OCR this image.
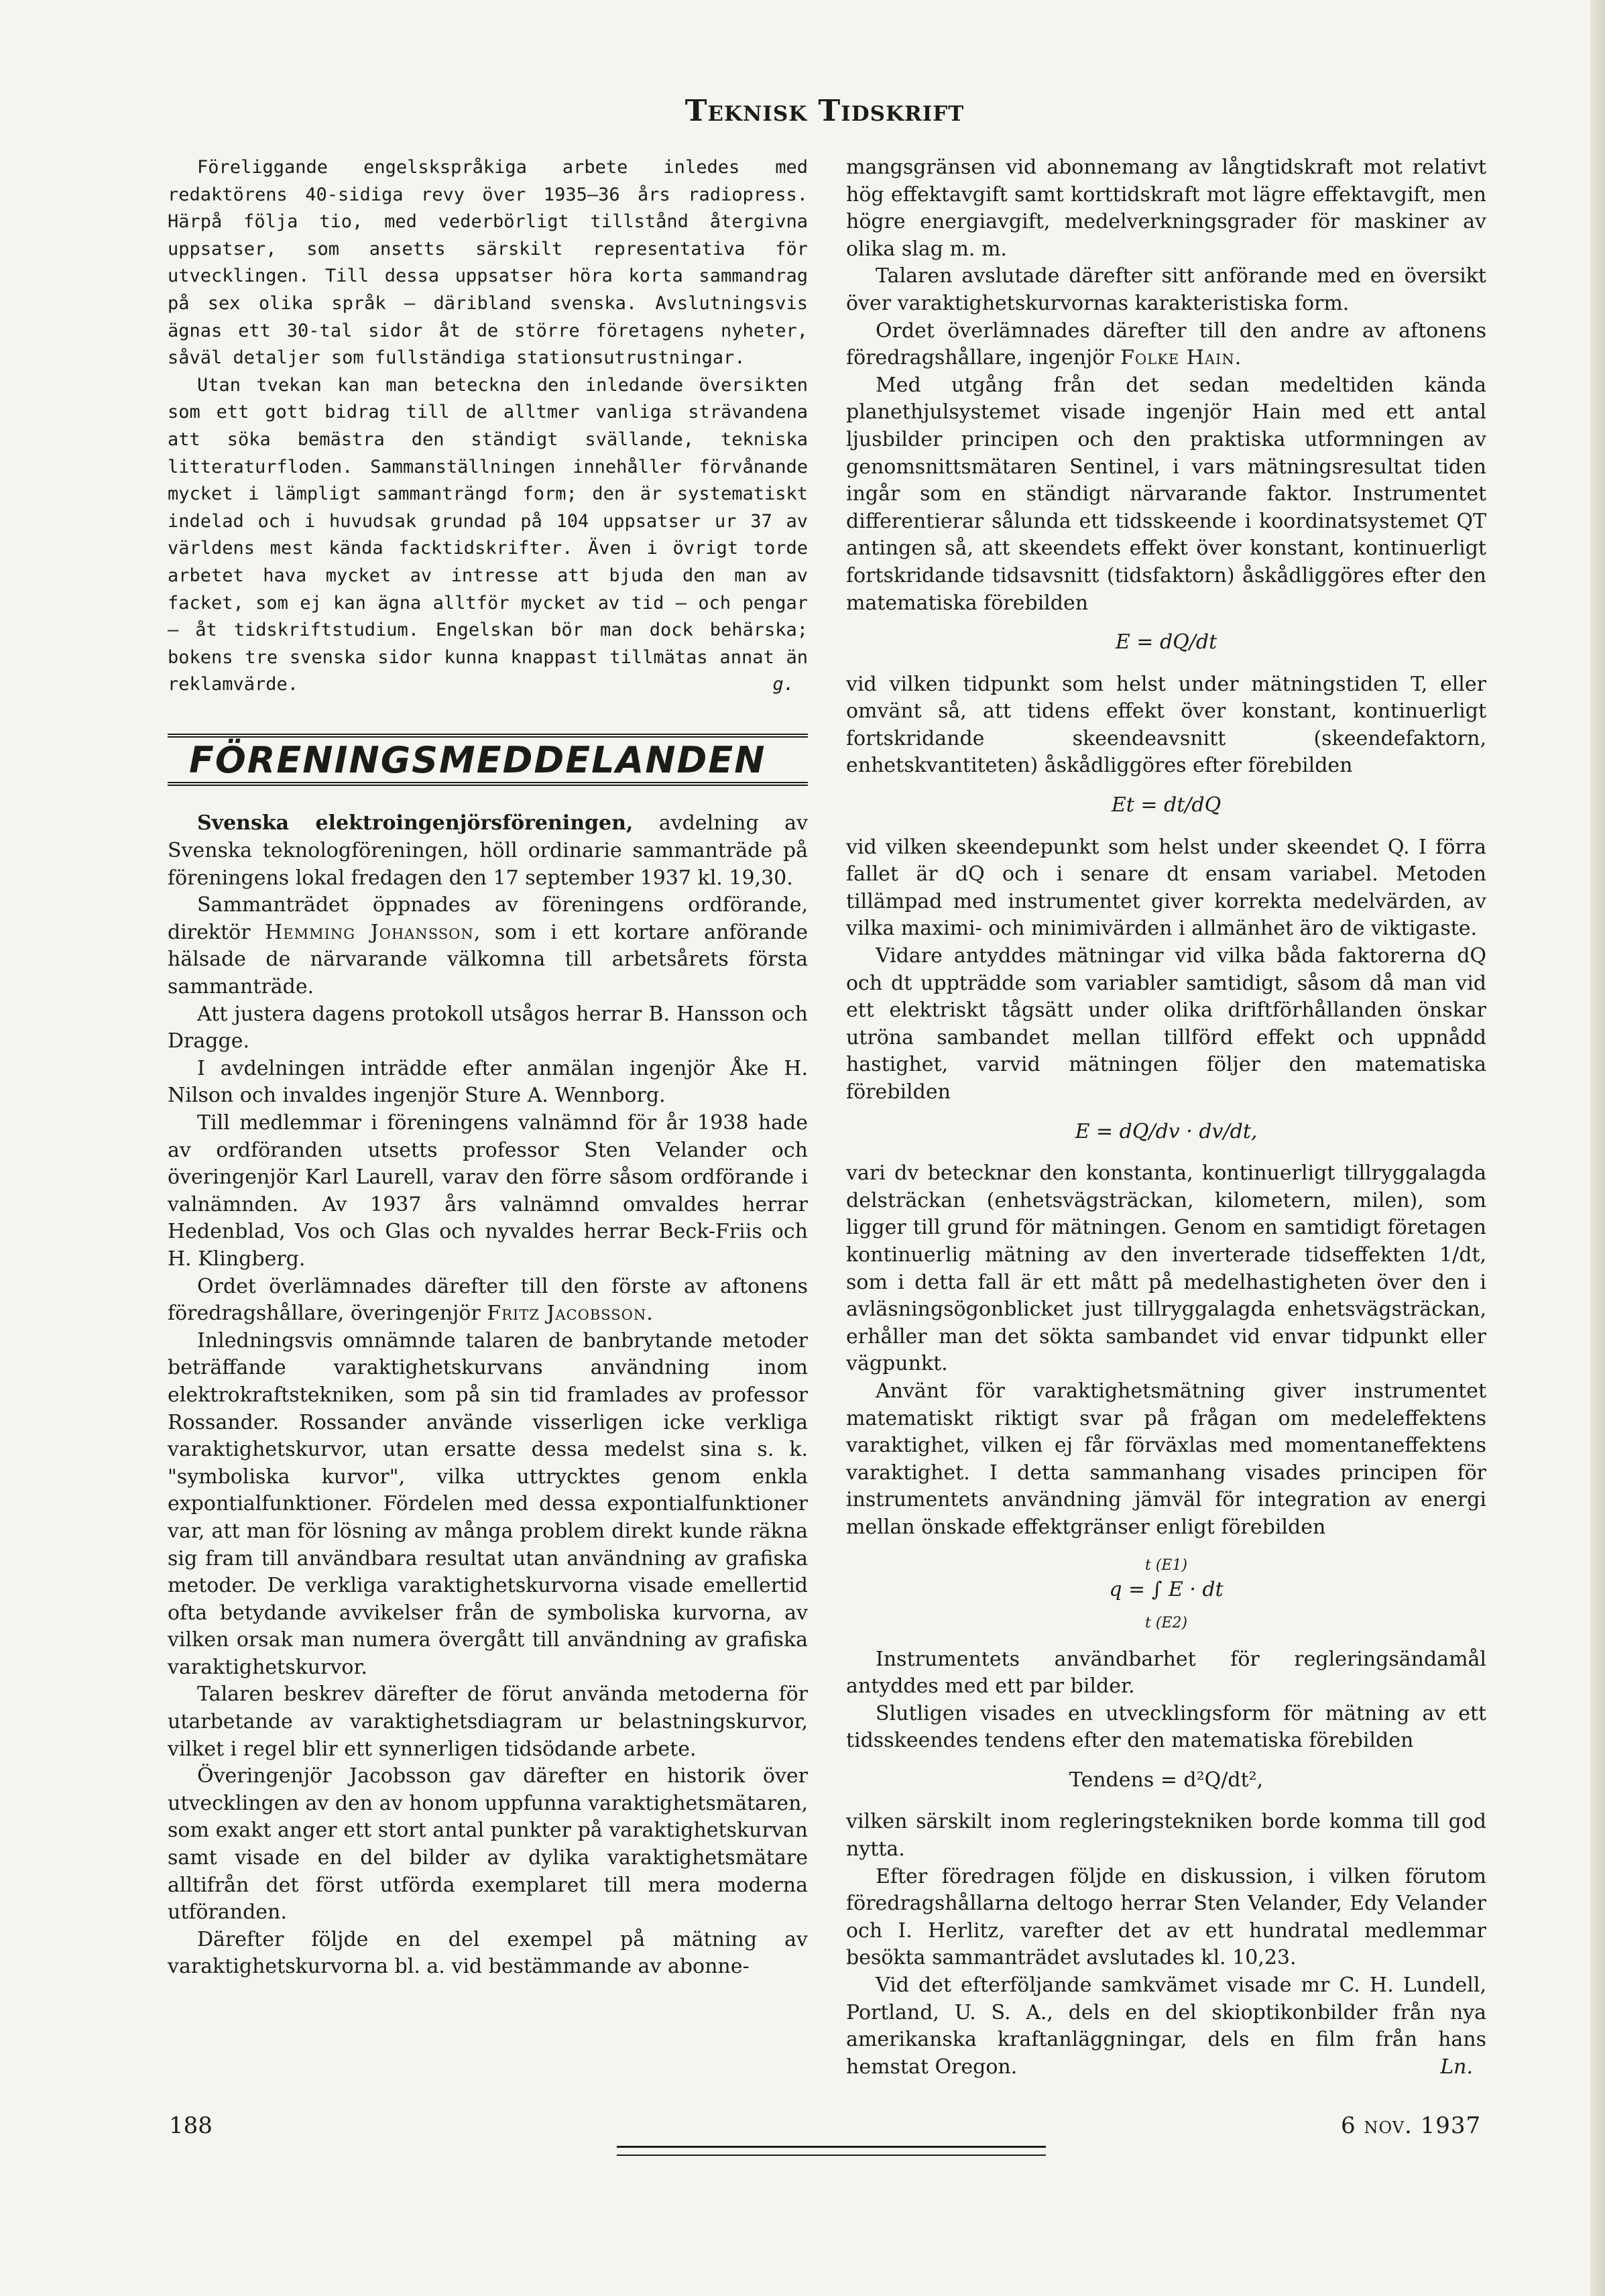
Teknisk Tidskrift

Föreliggande engelskspråkiga arbete inledes med redaktörens 40-sidiga revy över 1935—36 års radiopress. Härpå följa tio, med vederbörligt tillstånd återgivna uppsatser, som ansetts särskilt representativa för utvecklingen. Till dessa uppsatser höra korta sammandrag på sex olika språk — däribland svenska. Avslutningsvis ägnas ett 30-tal sidor åt de större företagens nyheter, såväl detaljer som fullständiga stationsutrustningar.

Utan tvekan kan man beteckna den inledande översikten som ett gott bidrag till de alltmer vanliga strävandena att söka bemästra den ständigt svällande, tekniska litteraturfloden. Sammanställningen innehåller förvånande mycket i lämpligt sammanträngd form; den är systematiskt indelad och i huvudsak grundad på 104 uppsatser ur 37 av världens mest kända facktidskrifter. Även i övrigt torde arbetet hava mycket av intresse att bjuda den man av facket, som ej kan ägna alltför mycket av tid — och pengar — åt tidskriftstudium. Engelskan bör man dock behärska; bokens tre svenska sidor kunna knappast tillmätas annat än reklamvärde.	g.

FÖRENINGSMEDDELANDEN

Svenska elektroingenjörsföreningen, avdelning av Svenska teknologföreningen, höll ordinarie sammanträde på föreningens lokal fredagen den 17 september 1937 kl. 19,30.

Sammanträdet öppnades av föreningens ordförande, direktör Hemming Johansson, som i ett kortare anförande hälsade de närvarande välkomna till arbetsårets första sammanträde.

Att justera dagens protokoll utsågos herrar B. Hansson och Dragge.

I avdelningen inträdde efter anmälan ingenjör Åke H. Nilson och invaldes ingenjör Sture A. Wennborg.

Till medlemmar i föreningens valnämnd för år 1938 hade av ordföranden utsetts professor Sten Velander och överingenjör Karl Laurell, varav den förre såsom ordförande i valnämnden. Av 1937 års valnämnd omvaldes herrar Hedenblad, Vos och Glas och nyvaldes herrar Beck-Friis och H. Klingberg.

Ordet överlämnades därefter till den förste av aftonens föredragshållare, överingenjör Fritz Jacobsson.

Inledningsvis omnämnde talaren de banbrytande metoder beträffande varaktighetskurvans användning inom elektrokraftstekniken, som på sin tid framlades av professor Rossander. Rossander använde visserligen icke verkliga varaktighetskurvor, utan ersatte dessa medelst sina s. k. "symboliska kurvor", vilka uttrycktes genom enkla expontialfunktioner. Fördelen med dessa expontialfunktioner var, att man för lösning av många problem direkt kunde räkna sig fram till användbara resultat utan användning av grafiska metoder. De verkliga varaktighetskurvorna visade emellertid ofta betydande avvikelser från de symboliska kurvorna, av vilken orsak man numera övergått till användning av grafiska varaktighetskurvor.

Talaren beskrev därefter de förut använda metoderna för utarbetande av varaktighetsdiagram ur belastningskurvor, vilket i regel blir ett synnerligen tidsödande arbete.

Överingenjör Jacobsson gav därefter en historik över utvecklingen av den av honom uppfunna varaktighetsmätaren, som exakt anger ett stort antal punkter på varaktighetskurvan samt visade en del bilder av dylika varaktighetsmätare alltifrån det först utförda exemplaret till mera moderna utföranden.

Därefter följde en del exempel på mätning av varaktighetskurvorna bl. a. vid bestämmande av abonne-

mangsgränsen vid abonnemang av långtidskraft mot relativt hög effektavgift samt korttidskraft mot lägre effektavgift, men högre energiavgift, medelverkningsgrader för maskiner av olika slag m. m.

Talaren avslutade därefter sitt anförande med en översikt över varaktighetskurvornas karakteristiska form.

Ordet överlämnades därefter till den andre av aftonens föredragshållare, ingenjör Folke Hain.

Med utgång från det sedan medeltiden kända planethjulsystemet visade ingenjör Hain med ett antal ljusbilder principen och den praktiska utformningen av genomsnittsmätaren Sentinel, i vars mätningsresultat tiden ingår som en ständigt närvarande faktor. Instrumentet differentierar sålunda ett tidsskeende i koordinatsystemet QT antingen så, att skeendets effekt över konstant, kontinuerligt fortskridande tidsavsnitt (tidsfaktorn) åskådliggöres efter den matematiska förebilden

E = dQ/dt

vid vilken tidpunkt som helst under mätningstiden T, eller omvänt så, att tidens effekt över konstant, kontinuerligt fortskridande skeendeavsnitt (skeendefaktorn, enhetskvantiteten) åskådliggöres efter förebilden

Et = dt/dQ

vid vilken skeendepunkt som helst under skeendet Q. I förra fallet är dQ och i senare dt ensam variabel. Metoden tillämpad med instrumentet giver korrekta medelvärden, av vilka maximi- och minimivärden i allmänhet äro de viktigaste.

Vidare antyddes mätningar vid vilka båda faktorerna dQ och dt uppträdde som variabler samtidigt, såsom då man vid ett elektriskt tågsätt under olika driftförhållanden önskar utröna sambandet mellan tillförd effekt och uppnådd hastighet, varvid mätningen följer den matematiska förebilden

E = dQ/dv · dv/dt,

vari dv betecknar den konstanta, kontinuerligt tillryggalagda delsträckan (enhetsvägsträckan, kilometern, milen), som ligger till grund för mätningen. Genom en samtidigt företagen kontinuerlig mätning av den inverterade tidseffekten 1/dt, som i detta fall är ett mått på medelhastigheten över den i avläsningsögonblicket just tillryggalagda enhetsvägsträckan, erhåller man det sökta sambandet vid envar tidpunkt eller vägpunkt.

Använt för varaktighetsmätning giver instrumentet matematiskt riktigt svar på frågan om medeleffektens varaktighet, vilken ej får förväxlas med momentaneffektens varaktighet. I detta sammanhang visades principen för instrumentets användning jämväl för integration av energi mellan önskade effektgränser enligt förebilden

t (E1)
q = ∫ E · dt
t (E2)

Instrumentets användbarhet för regleringsändamål antyddes med ett par bilder.

Slutligen visades en utvecklingsform för mätning av ett tidsskeendes tendens efter den matematiska förebilden

Tendens = d²Q/dt²,

vilken särskilt inom regleringstekniken borde komma till god nytta.

Efter föredragen följde en diskussion, i vilken förutom föredragshållarna deltogo herrar Sten Velander, Edy Velander och I. Herlitz, varefter det av ett hundratal medlemmar besökta sammanträdet avslutades kl. 10,23.

Vid det efterföljande samkvämet visade mr C. H. Lundell, Portland, U. S. A., dels en del skioptikonbilder från nya amerikanska kraftanläggningar, dels en film från hans hemstat Oregon.	Ln.

188	6 nov. 1937
